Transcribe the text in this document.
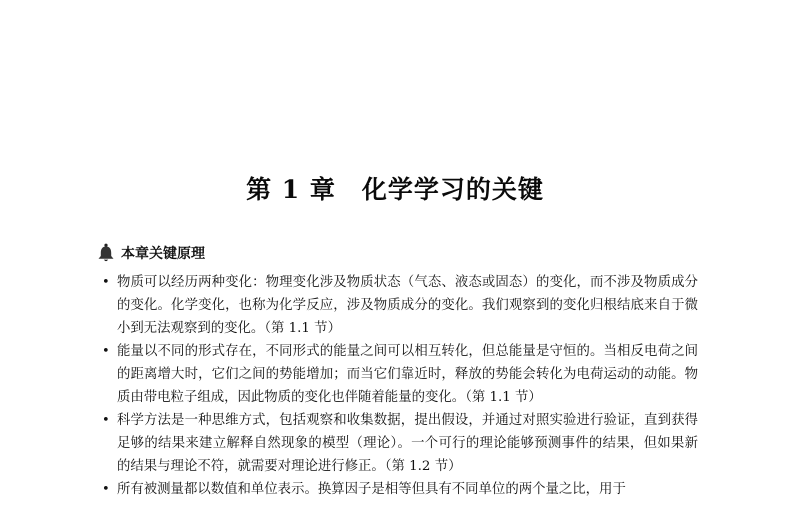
第 1 章 化学学习的关键
本章关键原理
• 物质可以经历两种变化：物理变化涉及物质状态（气态、液态或固态）的变化，而不涉及物质成分的变化。化学变化，也称为化学反应，涉及物质成分的变化。我们观察到的变化归根结底来自于微小到无法观察到的变化。（第 1.1 节）
• 能量以不同的形式存在，不同形式的能量之间可以相互转化，但总能量是守恒的。当相反电荷之间的距离增大时，它们之间的势能增加；而当它们靠近时，释放的势能会转化为电荷运动的动能。物质由带电粒子组成，因此物质的变化也伴随着能量的变化。（第 1.1 节）
• 科学方法是一种思维方式，包括观察和收集数据，提出假设，并通过对照实验进行验证，直到获得足够的结果来建立解释自然现象的模型（理论）。一个可行的理论能够预测事件的结果，但如果新的结果与理论不符，就需要对理论进行修正。（第 1.2 节）
• 所有被测量都以数值和单位表示。换算因子是相等但具有不同单位的两个量之比，用于
